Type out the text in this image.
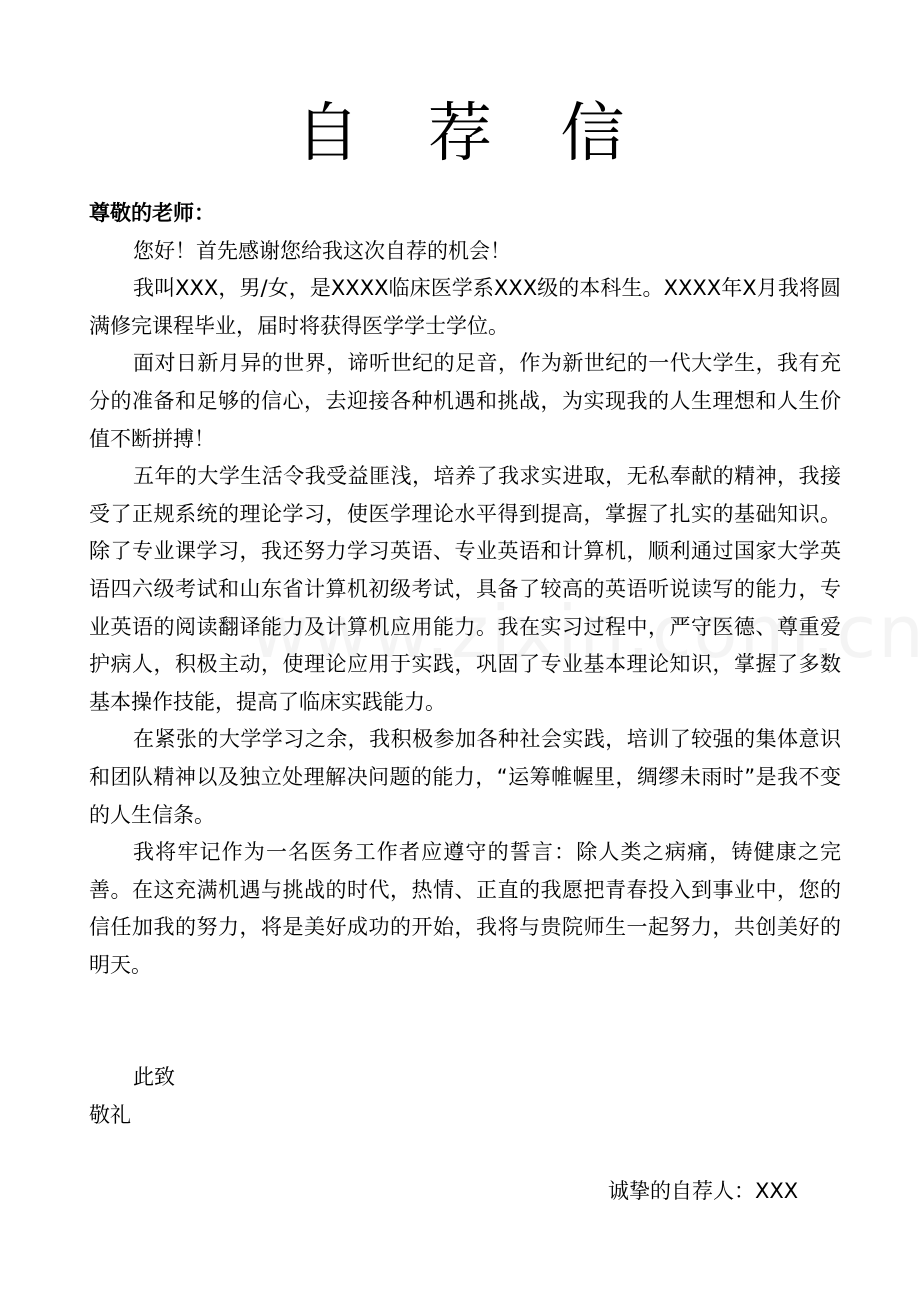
自 荐 信

尊敬的老师：

您好！首先感谢您给我这次自荐的机会！

我叫XXX，男/女，是XXXX临床医学系XXX级的本科生。XXXX年X月我将圆满修完课程毕业，届时将获得医学学士学位。

面对日新月异的世界，谛听世纪的足音，作为新世纪的一代大学生，我有充分的准备和足够的信心，去迎接各种机遇和挑战，为实现我的人生理想和人生价值不断拼搏！

五年的大学生活令我受益匪浅，培养了我求实进取，无私奉献的精神，我接受了正规系统的理论学习，使医学理论水平得到提高，掌握了扎实的基础知识。除了专业课学习，我还努力学习英语、专业英语和计算机，顺利通过国家大学英语四六级考试和山东省计算机初级考试，具备了较高的英语听说读写的能力，专业英语的阅读翻译能力及计算机应用能力。我在实习过程中，严守医德、尊重爱护病人，积极主动，使理论应用于实践，巩固了专业基本理论知识，掌握了多数基本操作技能，提高了临床实践能力。

在紧张的大学学习之余，我积极参加各种社会实践，培训了较强的集体意识和团队精神以及独立处理解决问题的能力，“运筹帷幄里，绸缪未雨时”是我不变的人生信条。

我将牢记作为一名医务工作者应遵守的誓言：除人类之病痛，铸健康之完善。在这充满机遇与挑战的时代，热情、正直的我愿把青春投入到事业中，您的信任加我的努力，将是美好成功的开始，我将与贵院师生一起努力，共创美好的明天。

此致

敬礼

诚挚的自荐人：XXX
